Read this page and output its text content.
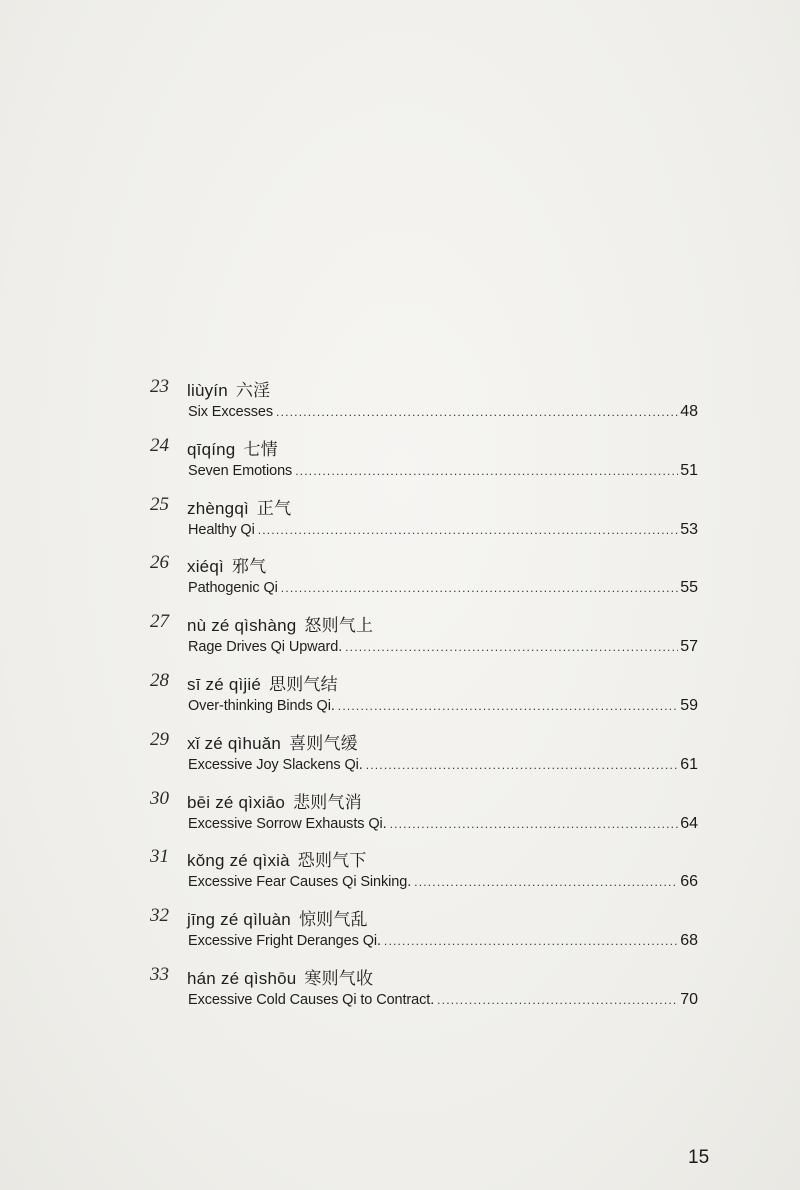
23	liùyín 六淫
Six Excesses .....	48
24	qīqíng 七情
Seven Emotions .....	51
25	zhèngqì 正气
Healthy Qi .....	53
26	xiéqì 邪气
Pathogenic Qi .....	55
27	nù zé qìshàng 怒则气上
Rage Drives Qi Upward. .....	57
28	sī zé qìjié 思则气结
Over-thinking Binds Qi. .....	59
29	xǐ zé qìhuǎn 喜则气缓
Excessive Joy Slackens Qi. .....	61
30	bēi zé qìxiāo 悲则气消
Excessive Sorrow Exhausts Qi. .....	64
31	kǒng zé qìxià 恐则气下
Excessive Fear Causes Qi Sinking. .....	66
32	jīng zé qìluàn 惊则气乱
Excessive Fright Deranges Qi. .....	68
33	hán zé qìshōu 寒则气收
Excessive Cold Causes Qi to Contract. .....	70
15
